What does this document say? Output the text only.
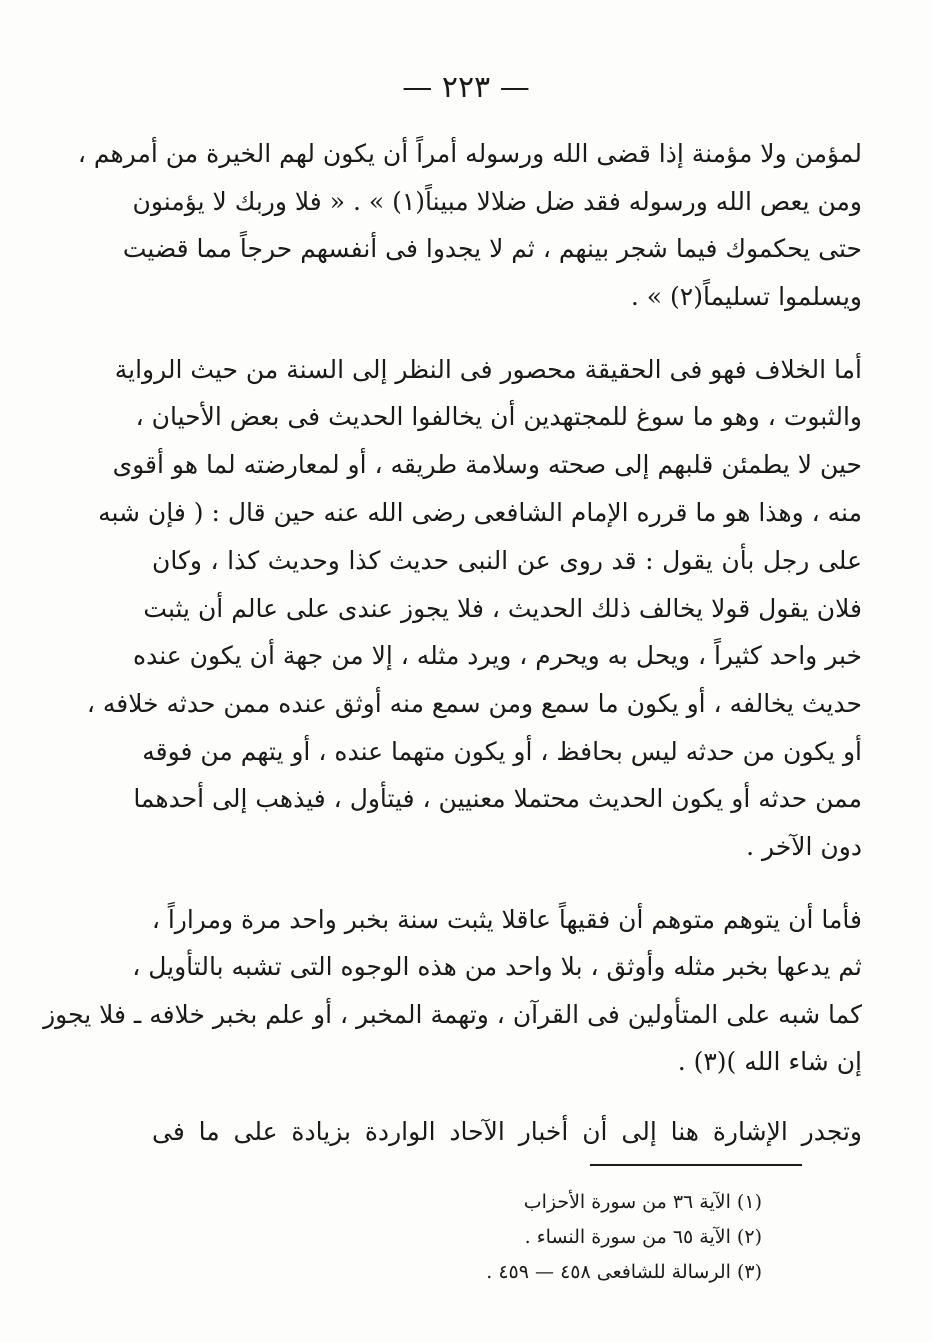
— ٢٢٣ —
لمؤمن ولا مؤمنة إذا قضى الله ورسوله أمراً أن يكون لهم الخيرة من أمرهم ،
ومن يعص الله ورسوله فقد ضل ضلالا مبيناً(١) » . « فلا وربك لا يؤمنون
حتى يحكموك فيما شجر بينهم ، ثم لا يجدوا فى أنفسهم حرجاً مما قضيت
ويسلموا تسليماً(٢) » .
أما الخلاف فهو فى الحقيقة محصور فى النظر إلى السنة من حيث الرواية
والثبوت ، وهو ما سوغ للمجتهدين أن يخالفوا الحديث فى بعض الأحيان ،
حين لا يطمئن قلبهم إلى صحته وسلامة طريقه ، أو لمعارضته لما هو أقوى
منه ، وهذا هو ما قرره الإمام الشافعى رضى الله عنه حين قال : ( فإن شبه
على رجل بأن يقول : قد روى عن النبى حديث كذا وحديث كذا ، وكان
فلان يقول قولا يخالف ذلك الحديث ، فلا يجوز عندى على عالم أن يثبت
خبر واحد كثيراً ، ويحل به ويحرم ، ويرد مثله ، إلا من جهة أن يكون عنده
حديث يخالفه ، أو يكون ما سمع ومن سمع منه أوثق عنده ممن حدثه خلافه ،
أو يكون من حدثه ليس بحافظ ، أو يكون متهما عنده ، أو يتهم من فوقه
ممن حدثه أو يكون الحديث محتملا معنيين ، فيتأول ، فيذهب إلى أحدهما
دون الآخر .
فأما أن يتوهم متوهم أن فقيهاً عاقلا يثبت سنة بخبر واحد مرة ومراراً ،
ثم يدعها بخبر مثله وأوثق ، بلا واحد من هذه الوجوه التى تشبه بالتأويل ،
كما شبه على المتأولين فى القرآن ، وتهمة المخبر ، أو علم بخبر خلافه ـ فلا يجوز
إن شاء الله )(٣) .
وتجدر الإشارة هنا إلى أن أخبار الآحاد الواردة بزيادة على ما فى
(١) الآية ٣٦ من سورة الأحزاب
(٢) الآية ٦٥ من سورة النساء .
(٣) الرسالة للشافعى ٤٥٨ — ٤٥٩ .
